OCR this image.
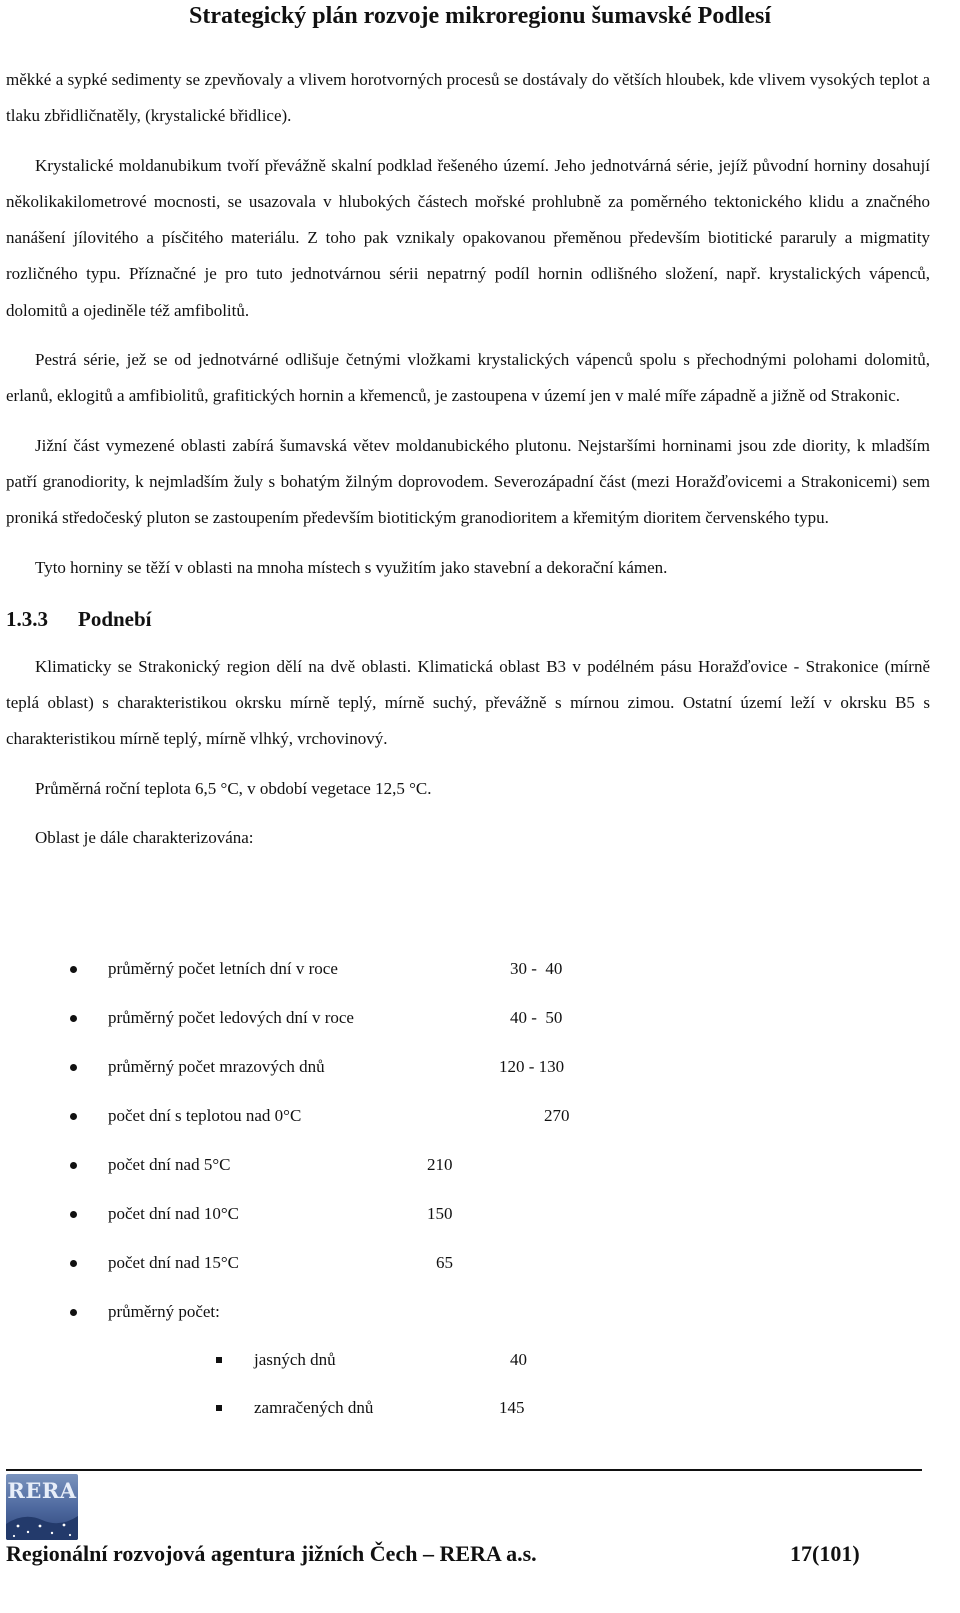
Strategický plán rozvoje mikroregionu šumavské Podlesí

měkké a sypké sedimenty se zpevňovaly a vlivem horotvorných procesů se dostávaly do větších hloubek, kde vlivem vysokých teplot a tlaku zbřidličnatěly, (krystalické břidlice).

Krystalické moldanubikum tvoří převážně skalní podklad řešeného území. Jeho jednotvárná série, jejíž původní horniny dosahují několikakilometrové mocnosti, se usazovala v hlubokých částech mořské prohlubně za poměrného tektonického klidu a značného nanášení jílovitého a písčitého materiálu. Z toho pak vznikaly opakovanou přeměnou především biotitické pararuly a migmatity rozličného typu. Příznačné je pro tuto jednotvárnou sérii nepatrný podíl hornin odlišného složení, např. krystalických vápenců, dolomitů a ojediněle též amfibolitů.

Pestrá série, jež se od jednotvárné odlišuje četnými vložkami krystalických vápenců spolu s přechodnými polohami dolomitů, erlanů, eklogitů a amfibiolitů, grafitických hornin a křemenců, je zastoupena v území jen v malé míře západně a jižně od Strakonic.

Jižní část vymezené oblasti zabírá šumavská větev moldanubického plutonu. Nejstaršími horninami jsou zde diority, k mladším patří granodiority, k nejmladším žuly s bohatým žilným doprovodem. Severozápadní část (mezi Horažďovicemi a Strakonicemi) sem proniká středočeský pluton se zastoupením především biotitickým granodioritem a křemitým dioritem červenského typu.

Tyto horniny se těží v oblasti na mnoha místech s využitím jako stavební a dekorační kámen.

1.3.3 Podnebí

Klimaticky se Strakonický region dělí na dvě oblasti. Klimatická oblast B3 v podélném pásu Horažďovice - Strakonice (mírně teplá oblast) s charakteristikou okrsku mírně teplý, mírně suchý, převážně s mírnou zimou. Ostatní území leží v okrsku B5 s charakteristikou mírně teplý, mírně vlhký, vrchovinový.

Průměrná roční teplota 6,5 °C, v období vegetace 12,5 °C.

Oblast je dále charakterizována:

průměrný počet letních dní v roce	30 -  40
průměrný počet ledových dní v roce	40 -  50
průměrný počet mrazových dnů	120 - 130
počet dní s teplotou nad 0°C	270
počet dní nad 5°C	210
počet dní nad 10°C	150
počet dní nad 15°C	65
průměrný počet:
jasných dnů	40
zamračených dnů	145
RERA
Regionální rozvojová agentura jižních Čech – RERA a.s.	17(101)
